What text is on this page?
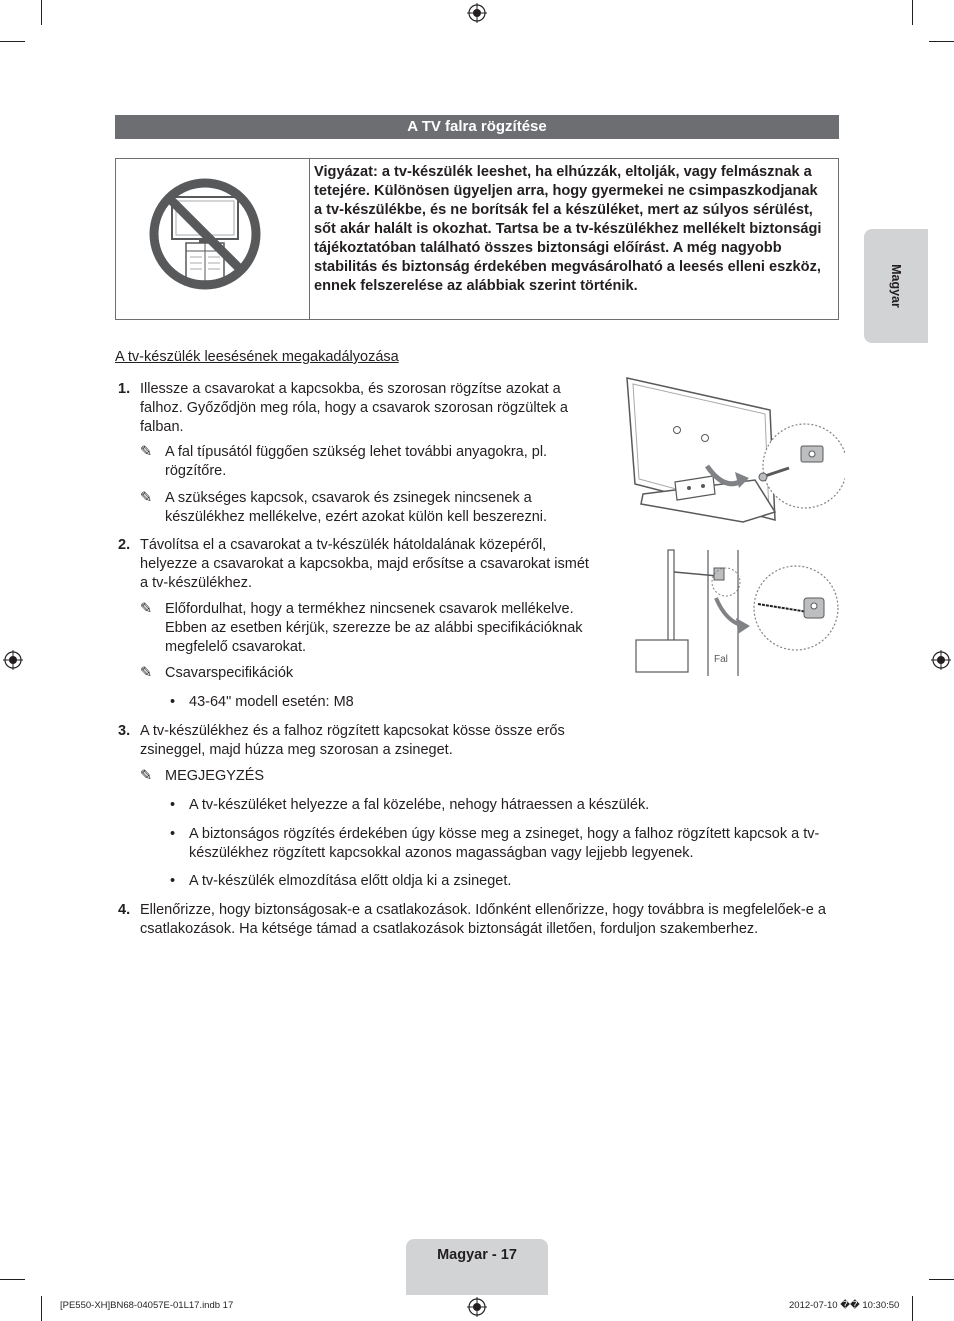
Magyar
A TV falra rögzítése
Vigyázat: a tv-készülék leeshet, ha elhúzzák, eltolják, vagy felmásznak a tetejére. Különösen ügyeljen arra, hogy gyermekei ne csimpaszkodjanak a tv-készülékbe, és ne borítsák fel a készüléket, mert az súlyos sérülést, sőt akár halált is okozhat. Tartsa be a tv-készülékhez mellékelt biztonsági tájékoztatóban található összes biztonsági előírást. A még nagyobb stabilitás és biztonság érdekében megvásárolható a leesés elleni eszköz, ennek felszerelése az alábbiak szerint történik.
A tv-készülék leesésének megakadályozása
1. Illessze a csavarokat a kapcsokba, és szorosan rögzítse azokat a falhoz. Győződjön meg róla, hogy a csavarok szorosan rögzültek a falban.
✎ A fal típusától függően szükség lehet további anyagokra, pl. rögzítőre.
✎ A szükséges kapcsok, csavarok és zsinegek nincsenek a készülékhez mellékelve, ezért azokat külön kell beszerezni.
2. Távolítsa el a csavarokat a tv-készülék hátoldalának közepéről, helyezze a csavarokat a kapcsokba, majd erősítse a csavarokat ismét a tv-készülékhez.
✎ Előfordulhat, hogy a termékhez nincsenek csavarok mellékelve. Ebben az esetben kérjük, szerezze be az alábbi specifikációknak megfelelő csavarokat.
✎ Csavarspecifikációk
• 43-64" modell esetén: M8
3. A tv-készülékhez és a falhoz rögzített kapcsokat kösse össze erős zsineggel, majd húzza meg szorosan a zsineget.
✎ MEGJEGYZÉS
• A tv-készüléket helyezze a fal közelébe, nehogy hátraessen a készülék.
• A biztonságos rögzítés érdekében úgy kösse meg a zsineget, hogy a falhoz rögzített kapcsok a tv-készülékhez rögzített kapcsokkal azonos magasságban vagy lejjebb legyenek.
• A tv-készülék elmozdítása előtt oldja ki a zsineget.
4. Ellenőrizze, hogy biztonságosak-e a csatlakozások. Időnként ellenőrizze, hogy továbbra is megfelelőek-e a csatlakozások. Ha kétsége támad a csatlakozások biztonságát illetően, forduljon szakemberhez.
Fal
Magyar - 17
[PE550-XH]BN68-04057E-01L17.indb 17	2012-07-10 �� 10:30:50
